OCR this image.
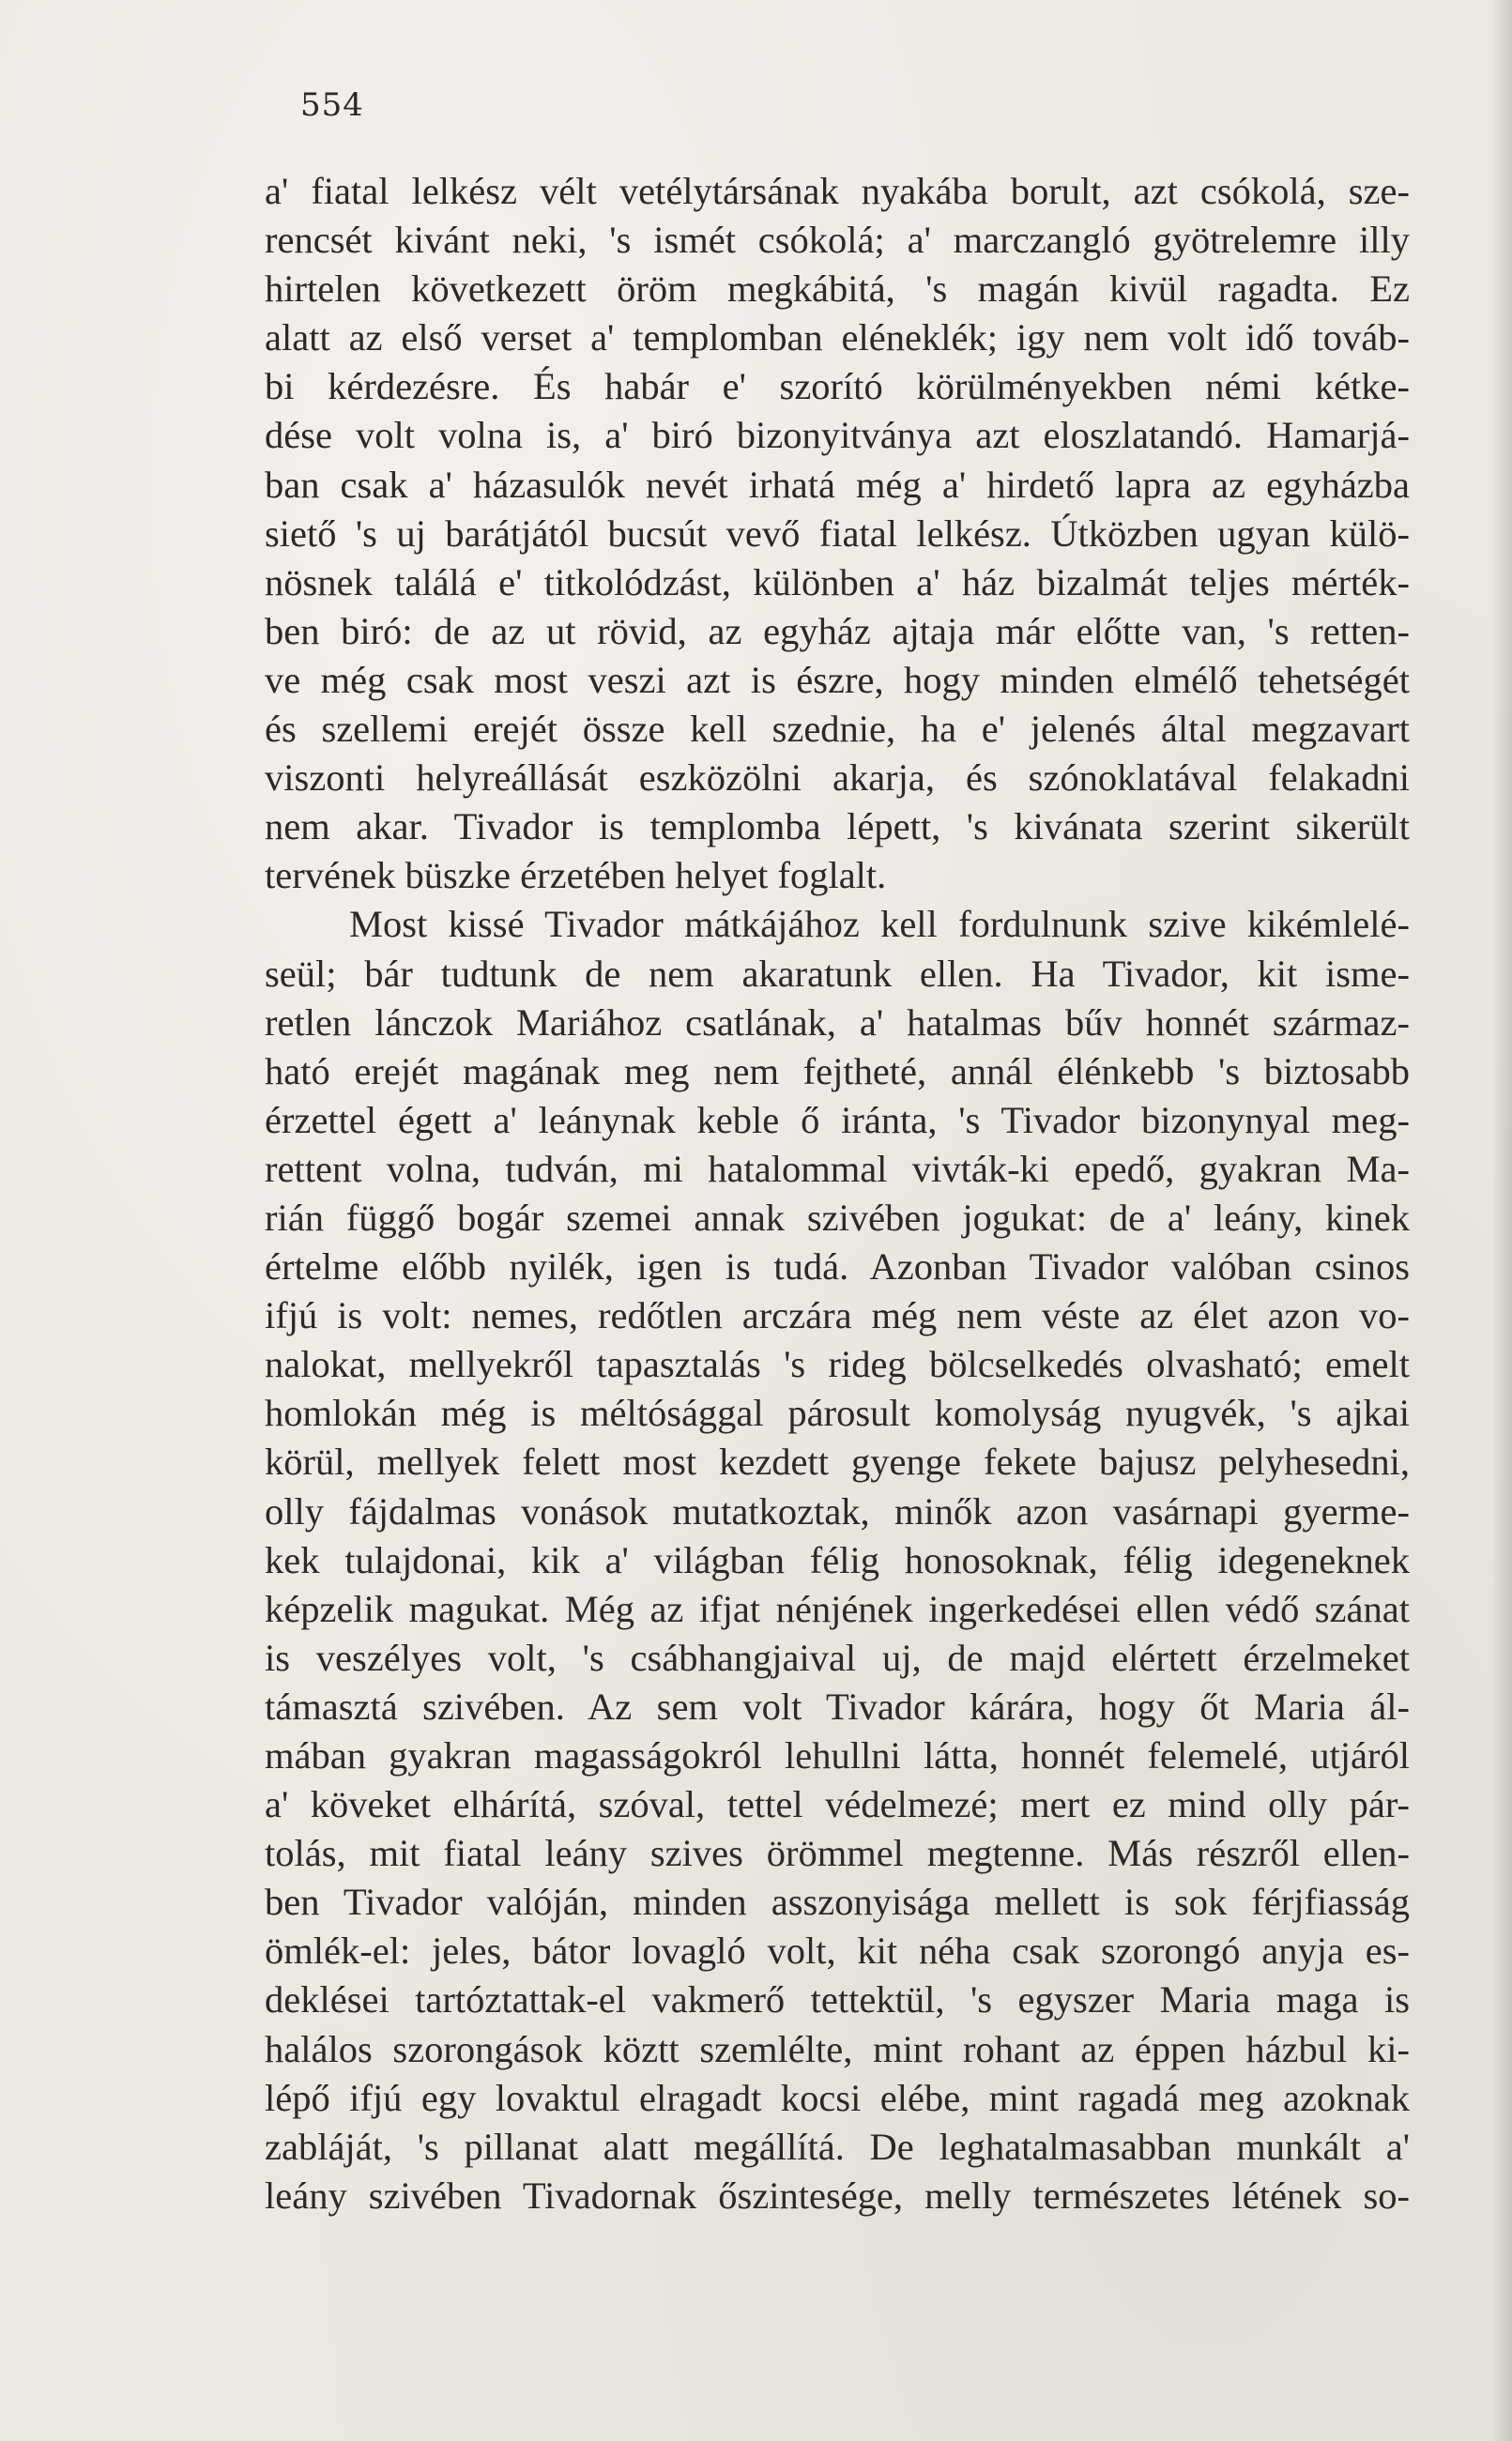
554
a' fiatal lelkész vélt vetélytársának nyakába borult, azt csókolá, sze-
rencsét kivánt neki, 's ismét csókolá; a' marczangló gyötrelemre illy
hirtelen következett öröm megkábitá, 's magán kivül ragadta. Ez
alatt az első verset a' templomban eléneklék; igy nem volt idő továb-
bi kérdezésre. És habár e' szorító körülményekben némi kétke-
dése volt volna is, a' biró bizonyitványa azt eloszlatandó. Hamarjá-
ban csak a' házasulók nevét irhatá még a' hirdető lapra az egyházba
siető 's uj barátjától bucsút vevő fiatal lelkész. Útközben ugyan külö-
nösnek találá e' titkolódzást, különben a' ház bizalmát teljes mérték-
ben biró: de az ut rövid, az egyház ajtaja már előtte van, 's retten-
ve még csak most veszi azt is észre, hogy minden elmélő tehetségét
és szellemi erejét össze kell szednie, ha e' jelenés által megzavart
viszonti helyreállását eszközölni akarja, és szónoklatával felakadni
nem akar. Tivador is templomba lépett, 's kivánata szerint sikerült
tervének büszke érzetében helyet foglalt.
Most kissé Tivador mátkájához kell fordulnunk szive kikémlelé-
seül; bár tudtunk de nem akaratunk ellen. Ha Tivador, kit isme-
retlen lánczok Mariához csatlának, a' hatalmas bűv honnét származ-
ható erejét magának meg nem fejtheté, annál élénkebb 's biztosabb
érzettel égett a' leánynak keble ő iránta, 's Tivador bizonynyal meg-
rettent volna, tudván, mi hatalommal vivták-ki epedő, gyakran Ma-
rián függő bogár szemei annak szivében jogukat: de a' leány, kinek
értelme előbb nyilék, igen is tudá. Azonban Tivador valóban csinos
ifjú is volt: nemes, redőtlen arczára még nem véste az élet azon vo-
nalokat, mellyekről tapasztalás 's rideg bölcselkedés olvasható; emelt
homlokán még is méltósággal párosult komolyság nyugvék, 's ajkai
körül, mellyek felett most kezdett gyenge fekete bajusz pelyhesedni,
olly fájdalmas vonások mutatkoztak, minők azon vasárnapi gyerme-
kek tulajdonai, kik a' világban félig honosoknak, félig idegeneknek
képzelik magukat. Még az ifjat nénjének ingerkedései ellen védő szánat
is veszélyes volt, 's csábhangjaival uj, de majd elértett érzelmeket
támasztá szivében. Az sem volt Tivador kárára, hogy őt Maria ál-
mában gyakran magasságokról lehullni látta, honnét felemelé, utjáról
a' köveket elhárítá, szóval, tettel védelmezé; mert ez mind olly pár-
tolás, mit fiatal leány szives örömmel megtenne. Más részről ellen-
ben Tivador valóján, minden asszonyisága mellett is sok férjfiasság
ömlék-el: jeles, bátor lovagló volt, kit néha csak szorongó anyja es-
deklései tartóztattak-el vakmerő tettektül, 's egyszer Maria maga is
halálos szorongások köztt szemlélte, mint rohant az éppen házbul ki-
lépő ifjú egy lovaktul elragadt kocsi elébe, mint ragadá meg azoknak
zabláját, 's pillanat alatt megállítá. De leghatalmasabban munkált a'
leány szivében Tivadornak őszintesége, melly természetes létének so-
